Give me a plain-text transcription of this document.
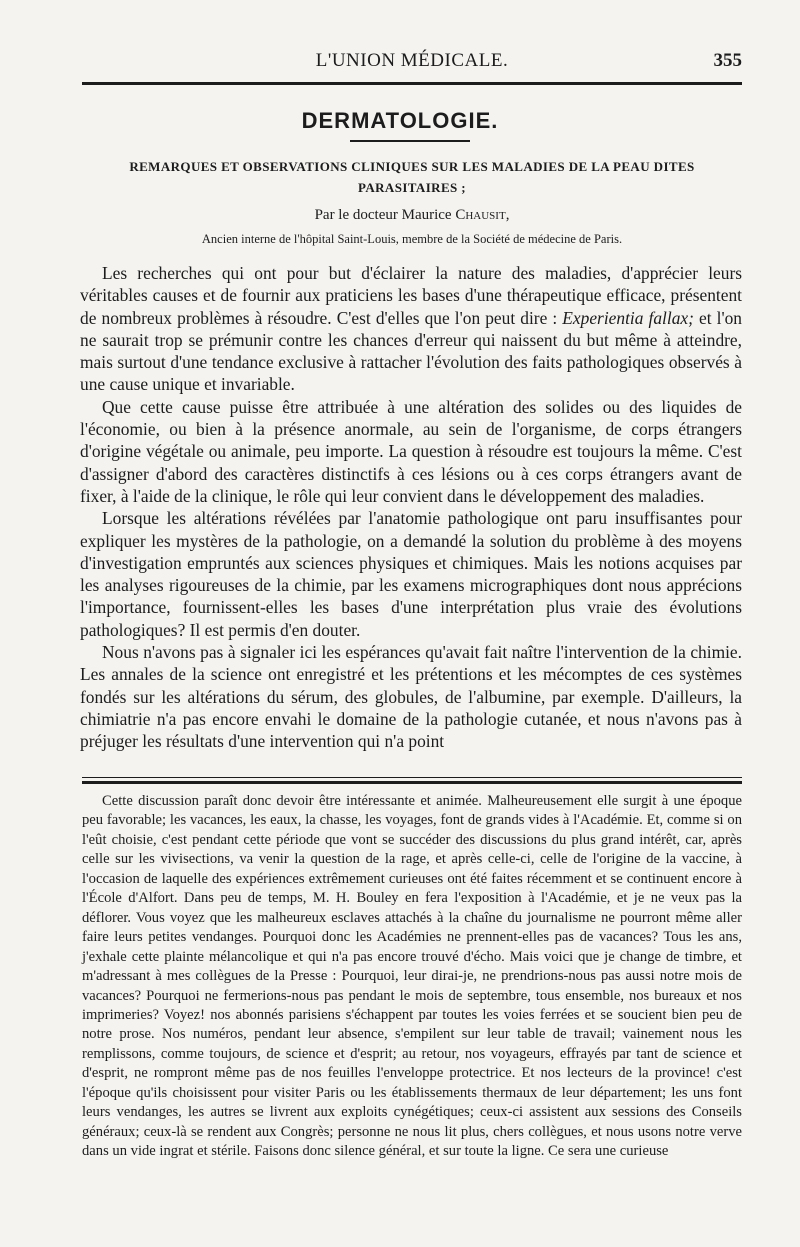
L'UNION MÉDICALE.	355
DERMATOLOGIE.
REMARQUES ET OBSERVATIONS CLINIQUES SUR LES MALADIES DE LA PEAU DITES PARASITAIRES ;
Par le docteur Maurice Chausit,
Ancien interne de l'hôpital Saint-Louis, membre de la Société de médecine de Paris.

Les recherches qui ont pour but d'éclairer la nature des maladies, d'apprécier leurs véritables causes et de fournir aux praticiens les bases d'une thérapeutique efficace, présentent de nombreux problèmes à résoudre. C'est d'elles que l'on peut dire : Experientia fallax; et l'on ne saurait trop se prémunir contre les chances d'erreur qui naissent du but même à atteindre, mais surtout d'une tendance exclusive à rattacher l'évolution des faits pathologiques observés à une cause unique et invariable.

Que cette cause puisse être attribuée à une altération des solides ou des liquides de l'économie, ou bien à la présence anormale, au sein de l'organisme, de corps étrangers d'origine végétale ou animale, peu importe. La question à résoudre est toujours la même. C'est d'assigner d'abord des caractères distinctifs à ces lésions ou à ces corps étrangers avant de fixer, à l'aide de la clinique, le rôle qui leur convient dans le développement des maladies.

Lorsque les altérations révélées par l'anatomie pathologique ont paru insuffisantes pour expliquer les mystères de la pathologie, on a demandé la solution du problème à des moyens d'investigation empruntés aux sciences physiques et chimiques. Mais les notions acquises par les analyses rigoureuses de la chimie, par les examens micrographiques dont nous apprécions l'importance, fournissent-elles les bases d'une interprétation plus vraie des évolutions pathologiques? Il est permis d'en douter.

Nous n'avons pas à signaler ici les espérances qu'avait fait naître l'intervention de la chimie. Les annales de la science ont enregistré et les prétentions et les mécomptes de ces systèmes fondés sur les altérations du sérum, des globules, de l'albumine, par exemple. D'ailleurs, la chimiatrie n'a pas encore envahi le domaine de la pathologie cutanée, et nous n'avons pas à préjuger les résultats d'une intervention qui n'a point

Cette discussion paraît donc devoir être intéressante et animée. Malheureusement elle surgit à une époque peu favorable; les vacances, les eaux, la chasse, les voyages, font de grands vides à l'Académie. Et, comme si on l'eût choisie, c'est pendant cette période que vont se succéder des discussions du plus grand intérêt, car, après celle sur les vivisections, va venir la question de la rage, et après celle-ci, celle de l'origine de la vaccine, à l'occasion de laquelle des expériences extrêmement curieuses ont été faites récemment et se continuent encore à l'École d'Alfort. Dans peu de temps, M. H. Bouley en fera l'exposition à l'Académie, et je ne veux pas la déflorer. Vous voyez que les malheureux esclaves attachés à la chaîne du journalisme ne pourront même aller faire leurs petites vendanges. Pourquoi donc les Académies ne prennent-elles pas de vacances? Tous les ans, j'exhale cette plainte mélancolique et qui n'a pas encore trouvé d'écho. Mais voici que je change de timbre, et m'adressant à mes collègues de la Presse : Pourquoi, leur dirai-je, ne prendrions-nous pas aussi notre mois de vacances? Pourquoi ne fermerions-nous pas pendant le mois de septembre, tous ensemble, nos bureaux et nos imprimeries? Voyez! nos abonnés parisiens s'échappent par toutes les voies ferrées et se soucient bien peu de notre prose. Nos numéros, pendant leur absence, s'empilent sur leur table de travail; vainement nous les remplissons, comme toujours, de science et d'esprit; au retour, nos voyageurs, effrayés par tant de science et d'esprit, ne rompront même pas de nos feuilles l'enveloppe protectrice. Et nos lecteurs de la province! c'est l'époque qu'ils choisissent pour visiter Paris ou les établissements thermaux de leur département; les uns font leurs vendanges, les autres se livrent aux exploits cynégétiques; ceux-ci assistent aux sessions des Conseils généraux; ceux-là se rendent aux Congrès; personne ne nous lit plus, chers collègues, et nous usons notre verve dans un vide ingrat et stérile. Faisons donc silence général, et sur toute la ligne. Ce sera une curieuse
